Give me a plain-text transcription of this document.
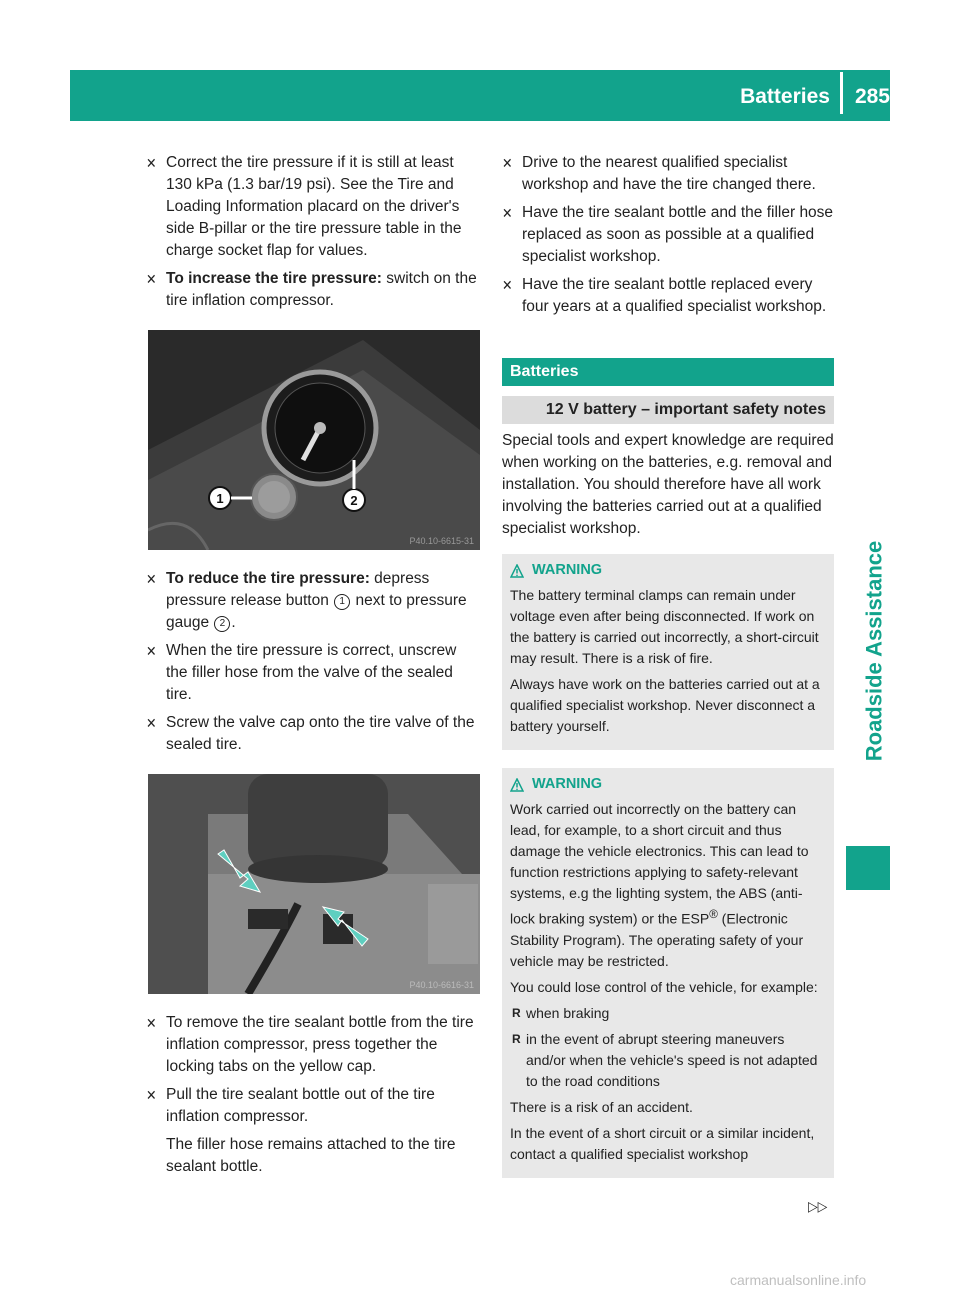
Batteries 285
Roadside Assistance
✕ Correct the tire pressure if it is still at least 130 kPa (1.3 bar/19 psi). See the Tire and Loading Information placard on the driver's side B-pillar or the tire pressure table in the charge socket flap for values.
✕ To increase the tire pressure: switch on the tire inflation compressor.
1	2
P40.10-6615-31
✕ To reduce the tire pressure: depress pressure release button 1 next to pressure gauge 2 .
✕ When the tire pressure is correct, unscrew the filler hose from the valve of the sealed tire.
✕ Screw the valve cap onto the tire valve of the sealed tire.
P40.10-6616-31
✕ To remove the tire sealant bottle from the tire inflation compressor, press together the locking tabs on the yellow cap.
✕ Pull the tire sealant bottle out of the tire inflation compressor.

The filler hose remains attached to the tire sealant bottle.

✕ Drive to the nearest qualified specialist workshop and have the tire changed there.
✕ Have the tire sealant bottle and the filler hose replaced as soon as possible at a qualified specialist workshop.
✕ Have the tire sealant bottle replaced every four years at a qualified specialist workshop.
Batteries
12 V battery – important safety notes

Special tools and expert knowledge are required when working on the batteries, e.g. removal and installation. You should therefore have all work involving the batteries carried out at a qualified specialist workshop.

WARNING

The battery terminal clamps can remain under voltage even after being disconnected. If work on the battery is carried out incorrectly, a short-circuit may result. There is a risk of fire.

Always have work on the batteries carried out at a qualified specialist workshop. Never disconnect a battery yourself.

WARNING

Work carried out incorrectly on the battery can lead, for example, to a short circuit and thus damage the vehicle electronics. This can lead to function restrictions applying to safety-relevant systems, e.g the lighting system, the ABS (anti-lock braking system) or the ESP® (Electronic Stability Program). The operating safety of your vehicle may be restricted.

You could lose control of the vehicle, for example:

R when braking
R in the event of abrupt steering maneuvers and/or when the vehicle's speed is not adapted to the road conditions

There is a risk of an accident.

In the event of a short circuit or a similar incident, contact a qualified specialist workshop

▷▷
carmanualsonline.info
